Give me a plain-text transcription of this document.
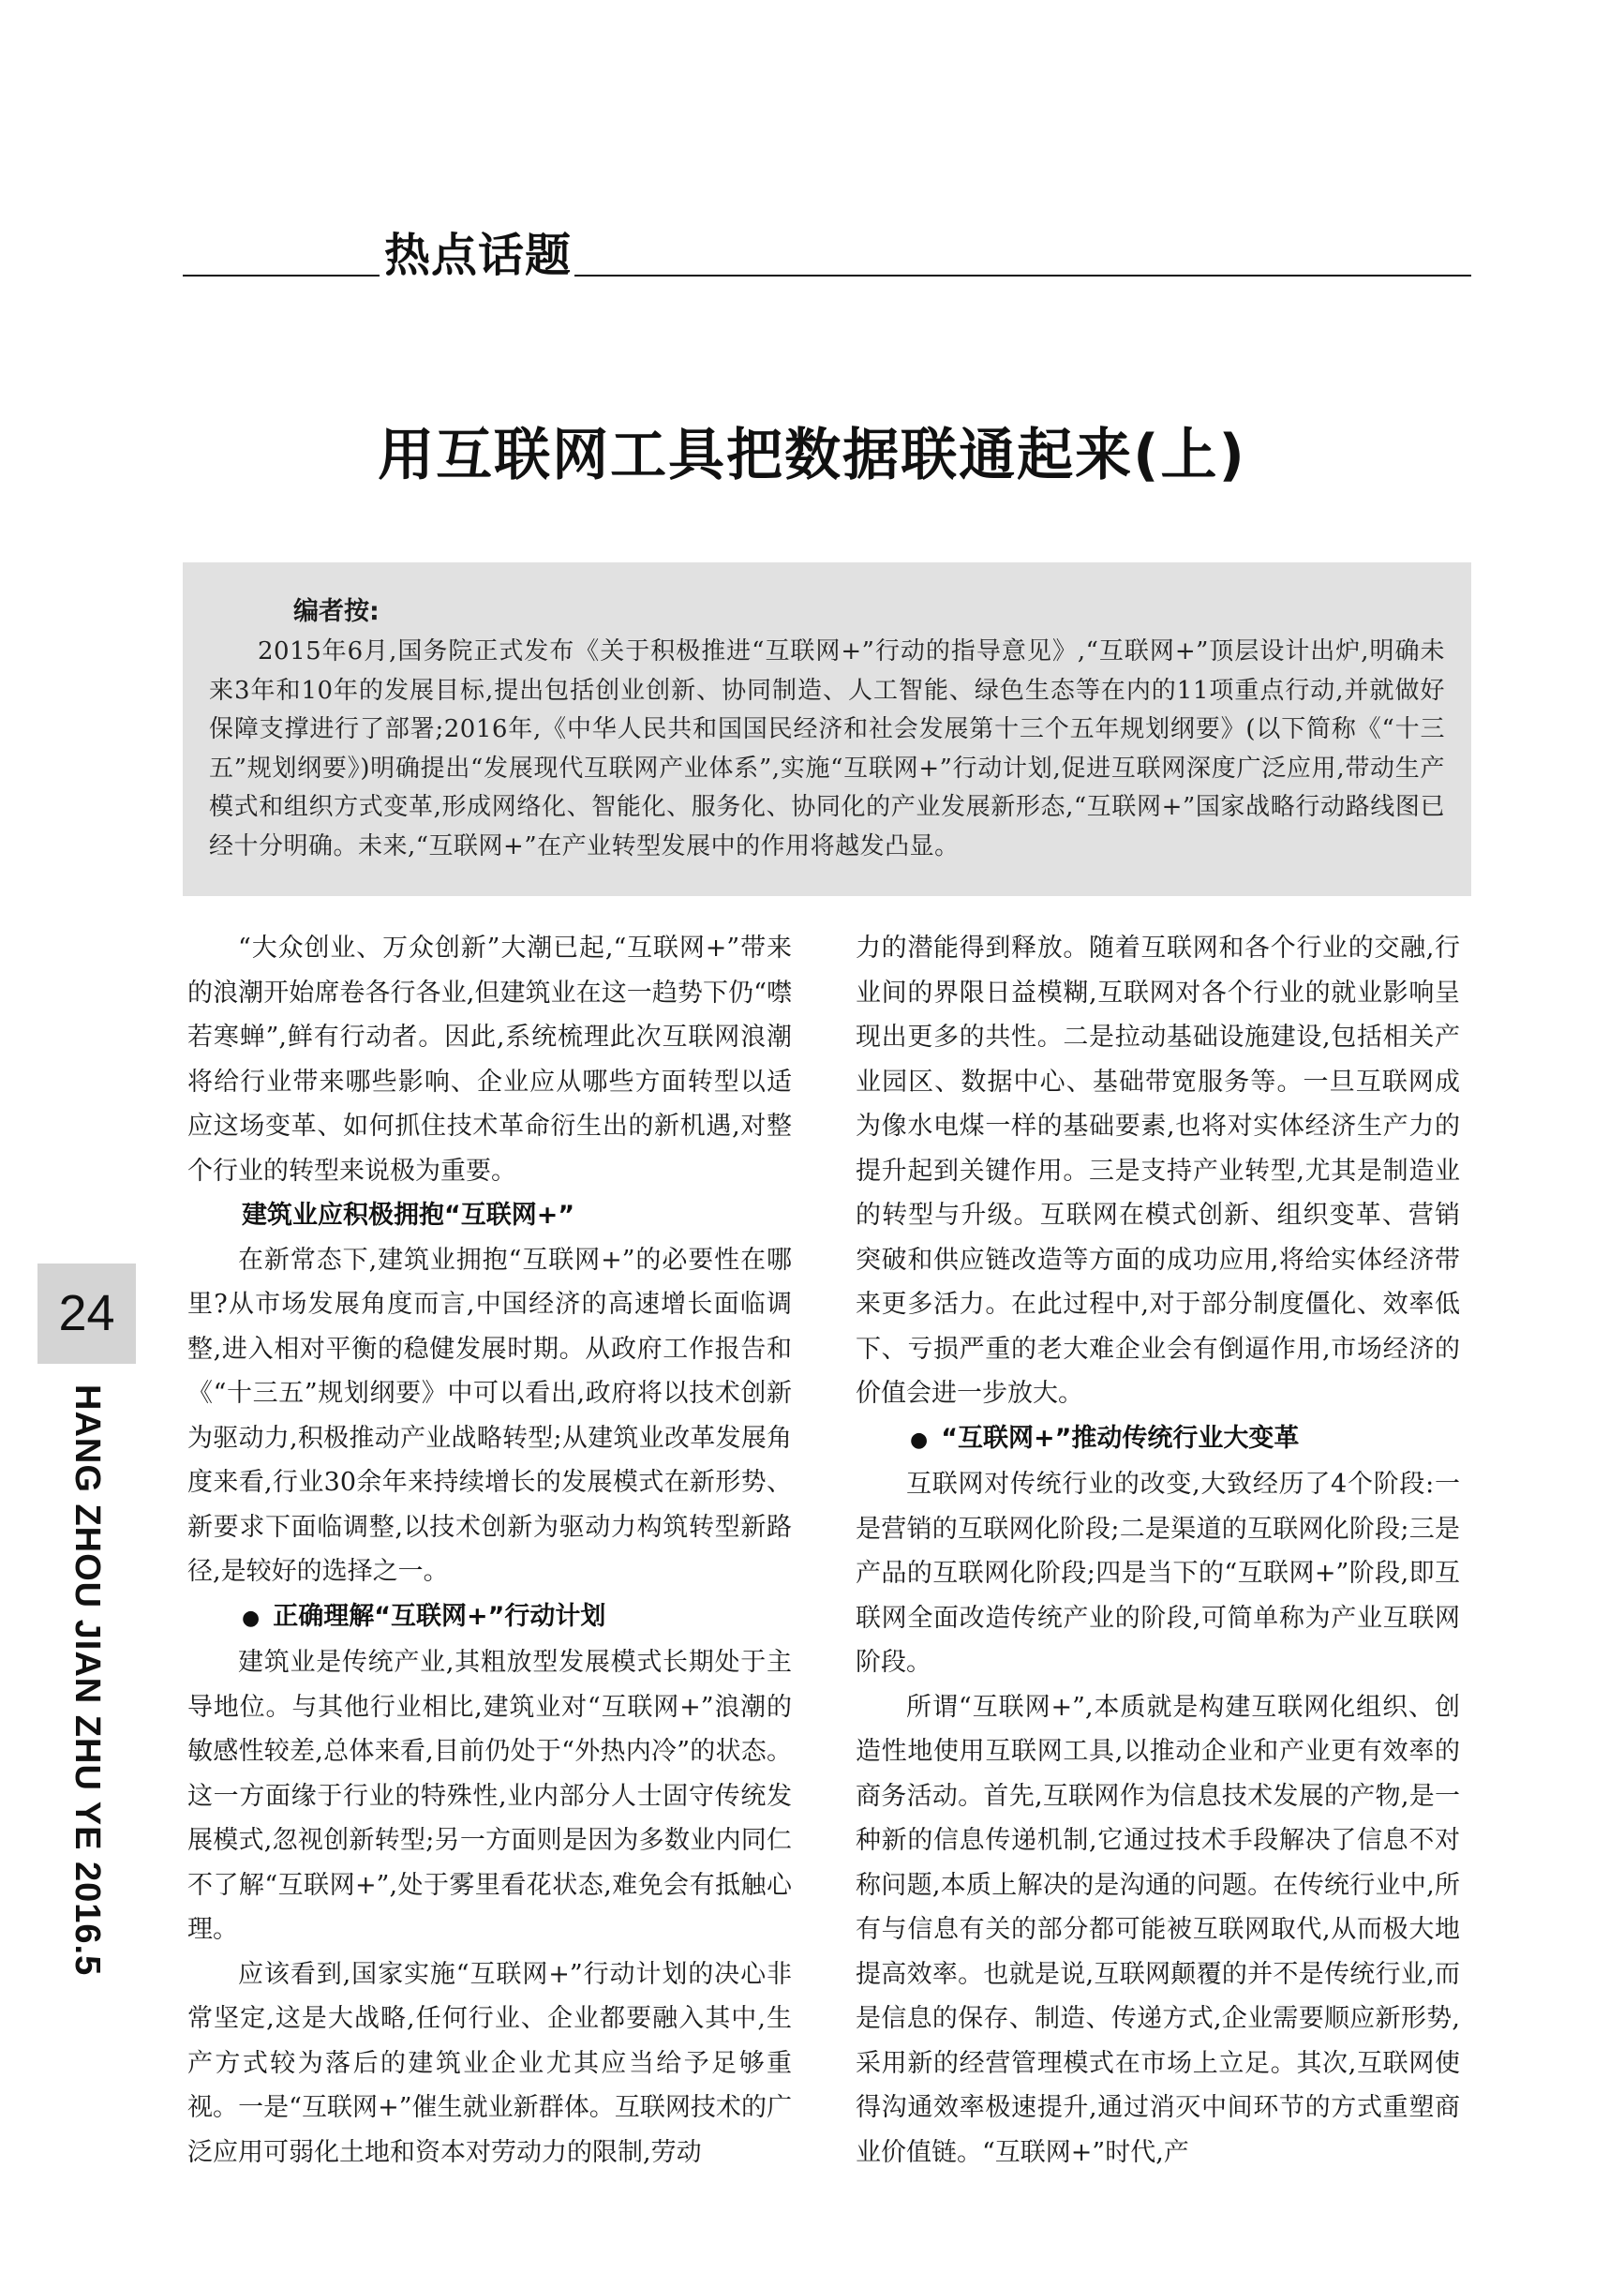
热点话题
用互联网工具把数据联通起来(上)
编者按:
2015年6月,国务院正式发布《关于积极推进“互联网+”行动的指导意见》,“互联网+”顶层设计出炉,明确未来3年和10年的发展目标,提出包括创业创新、协同制造、人工智能、绿色生态等在内的11项重点行动,并就做好保障支撑进行了部署;2016年,《中华人民共和国国民经济和社会发展第十三个五年规划纲要》(以下简称《“十三五”规划纲要》)明确提出“发展现代互联网产业体系”,实施“互联网+”行动计划,促进互联网深度广泛应用,带动生产模式和组织方式变革,形成网络化、智能化、服务化、协同化的产业发展新形态,“互联网+”国家战略行动路线图已经十分明确。未来,“互联网+”在产业转型发展中的作用将越发凸显。

“大众创业、万众创新”大潮已起,“互联网+”带来的浪潮开始席卷各行各业,但建筑业在这一趋势下仍“噤若寒蝉”,鲜有行动者。因此,系统梳理此次互联网浪潮将给行业带来哪些影响、企业应从哪些方面转型以适应这场变革、如何抓住技术革命衍生出的新机遇,对整个行业的转型来说极为重要。

建筑业应积极拥抱“互联网+”

在新常态下,建筑业拥抱“互联网+”的必要性在哪里?从市场发展角度而言,中国经济的高速增长面临调整,进入相对平衡的稳健发展时期。从政府工作报告和《“十三五”规划纲要》中可以看出,政府将以技术创新为驱动力,积极推动产业战略转型;从建筑业改革发展角度来看,行业30余年来持续增长的发展模式在新形势、新要求下面临调整,以技术创新为驱动力构筑转型新路径,是较好的选择之一。

● 正确理解“互联网+”行动计划

建筑业是传统产业,其粗放型发展模式长期处于主导地位。与其他行业相比,建筑业对“互联网+”浪潮的敏感性较差,总体来看,目前仍处于“外热内冷”的状态。这一方面缘于行业的特殊性,业内部分人士固守传统发展模式,忽视创新转型;另一方面则是因为多数业内同仁不了解“互联网+”,处于雾里看花状态,难免会有抵触心理。

应该看到,国家实施“互联网+”行动计划的决心非常坚定,这是大战略,任何行业、企业都要融入其中,生产方式较为落后的建筑业企业尤其应当给予足够重视。一是“互联网+”催生就业新群体。互联网技术的广泛应用可弱化土地和资本对劳动力的限制,劳动

力的潜能得到释放。随着互联网和各个行业的交融,行业间的界限日益模糊,互联网对各个行业的就业影响呈现出更多的共性。二是拉动基础设施建设,包括相关产业园区、数据中心、基础带宽服务等。一旦互联网成为像水电煤一样的基础要素,也将对实体经济生产力的提升起到关键作用。三是支持产业转型,尤其是制造业的转型与升级。互联网在模式创新、组织变革、营销突破和供应链改造等方面的成功应用,将给实体经济带来更多活力。在此过程中,对于部分制度僵化、效率低下、亏损严重的老大难企业会有倒逼作用,市场经济的价值会进一步放大。

● “互联网+”推动传统行业大变革

互联网对传统行业的改变,大致经历了4个阶段:一是营销的互联网化阶段;二是渠道的互联网化阶段;三是产品的互联网化阶段;四是当下的“互联网+”阶段,即互联网全面改造传统产业的阶段,可简单称为产业互联网阶段。

所谓“互联网+”,本质就是构建互联网化组织、创造性地使用互联网工具,以推动企业和产业更有效率的商务活动。首先,互联网作为信息技术发展的产物,是一种新的信息传递机制,它通过技术手段解决了信息不对称问题,本质上解决的是沟通的问题。在传统行业中,所有与信息有关的部分都可能被互联网取代,从而极大地提高效率。也就是说,互联网颠覆的并不是传统行业,而是信息的保存、制造、传递方式,企业需要顺应新形势,采用新的经营管理模式在市场上立足。其次,互联网使得沟通效率极速提升,通过消灭中间环节的方式重塑商业价值链。“互联网+”时代,产

24
HANG ZHOU JIAN ZHU YE 2016.5
